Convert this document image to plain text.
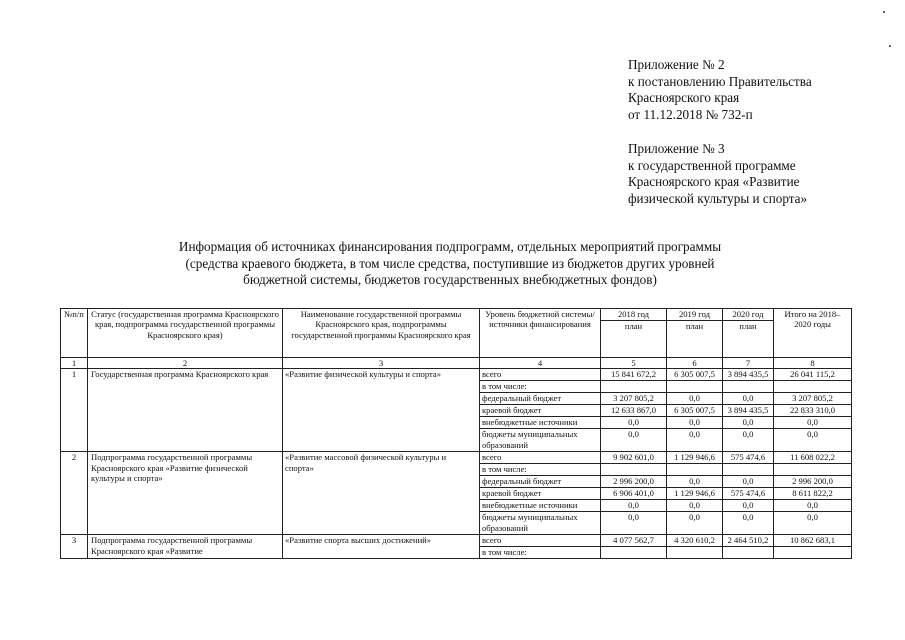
Приложение № 2
к постановлению Правительства
Красноярского края
от 11.12.2018 № 732-п
Приложение № 3
к государственной программе
Красноярского края «Развитие
физической культуры и спорта»
Информация об источниках финансирования подпрограмм, отдельных мероприятий программы
(средства краевого бюджета, в том числе средства, поступившие из бюджетов других уровней
бюджетной системы, бюджетов государственных внебюджетных фондов)
№п/п	Статус (государственная программа Красноярского края, подпрограмма государственной программы Красноярского края)	Наименование государственной программы Красноярского края, подпрограммы государственной программы Красноярского края	Уровень бюджетной системы/ источники финансирования	2018 год	2019 год	2020 год	Итого на 2018–2020 годы
				план	план	план	
1	2	3	4	5	6	7	8
1	Государственная программа Красноярского края	«Развитие физической культуры и спорта»	всего	15 841 672,2	6 305 007,5	3 894 435,5	26 041 115,2
			в том числе:				
			федеральный бюджет	3 207 805,2	0,0	0,0	3 207 805,2
			краевой бюджет	12 633 867,0	6 305 007,5	3 894 435,5	22 833 310,0
			внебюджетные источники	0,0	0,0	0,0	0,0
			бюджеты муниципальных образований	0,0	0,0	0,0	0,0
2	Подпрограмма государственной программы Красноярского края «Развитие физической культуры и спорта»	«Развитие массовой физической культуры и спорта»	всего	9 902 601,0	1 129 946,6	575 474,6	11 608 022,2
			в том числе:				
			федеральный бюджет	2 996 200,0	0,0	0,0	2 996 200,0
			краевой бюджет	6 906 401,0	1 129 946,6	575 474,6	8 611 822,2
			внебюджетные источники	0,0	0,0	0,0	0,0
			бюджеты муниципальных образований	0,0	0,0	0,0	0,0
3	Подпрограмма государственной программы Красноярского края «Развитие	«Развитие спорта высших достижений»	всего	4 077 562,7	4 320 610,2	2 464 510,2	10 862 683,1
			в том числе:				
